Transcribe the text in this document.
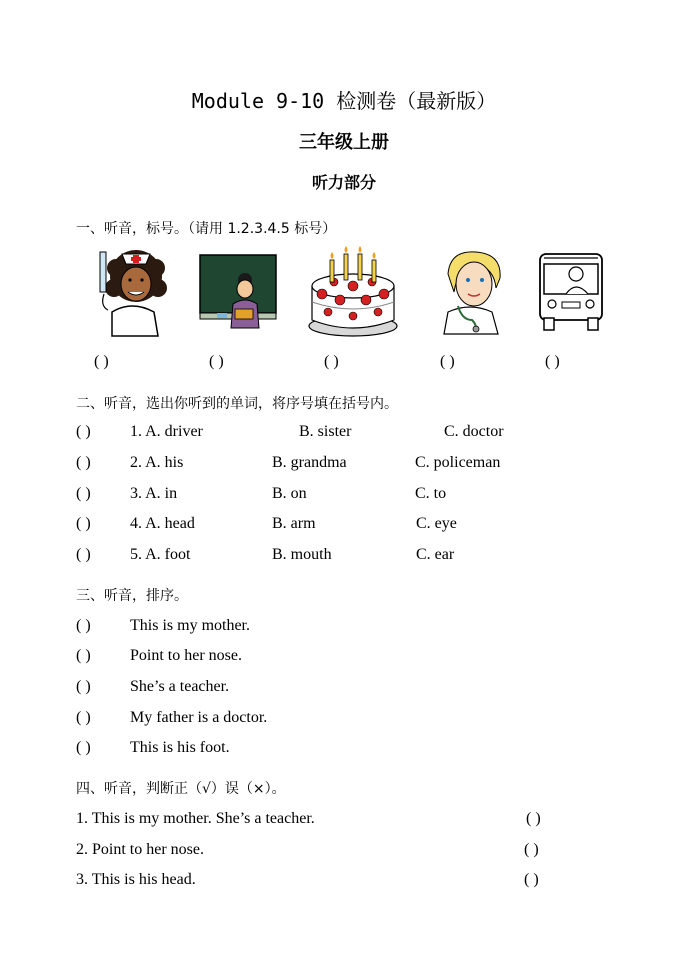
Module 9-10 检测卷（最新版）
三年级上册
听力部分
一、听音，标号。（请用 1.2.3.4.5 标号）
( )	( )	( )	( )	( )
二、听音，选出你听到的单词，将序号填在括号内。
( ) 1. A. driver	B. sister	C. doctor
( ) 2. A. his	B. grandma	C. policeman
( ) 3. A. in	B. on	C. to
( ) 4. A. head	B. arm	C. eye
( ) 5. A. foot	B. mouth	C. ear
三、听音，排序。
( ) This is my mother.
( ) Point to her nose.
( ) She’s a teacher.
( ) My father is a doctor.
( ) This is his foot.
四、听音，判断正（√）误（×）。
1. This is my mother. She’s a teacher.	( )
2. Point to her nose.	( )
3. This is his head.	( )
